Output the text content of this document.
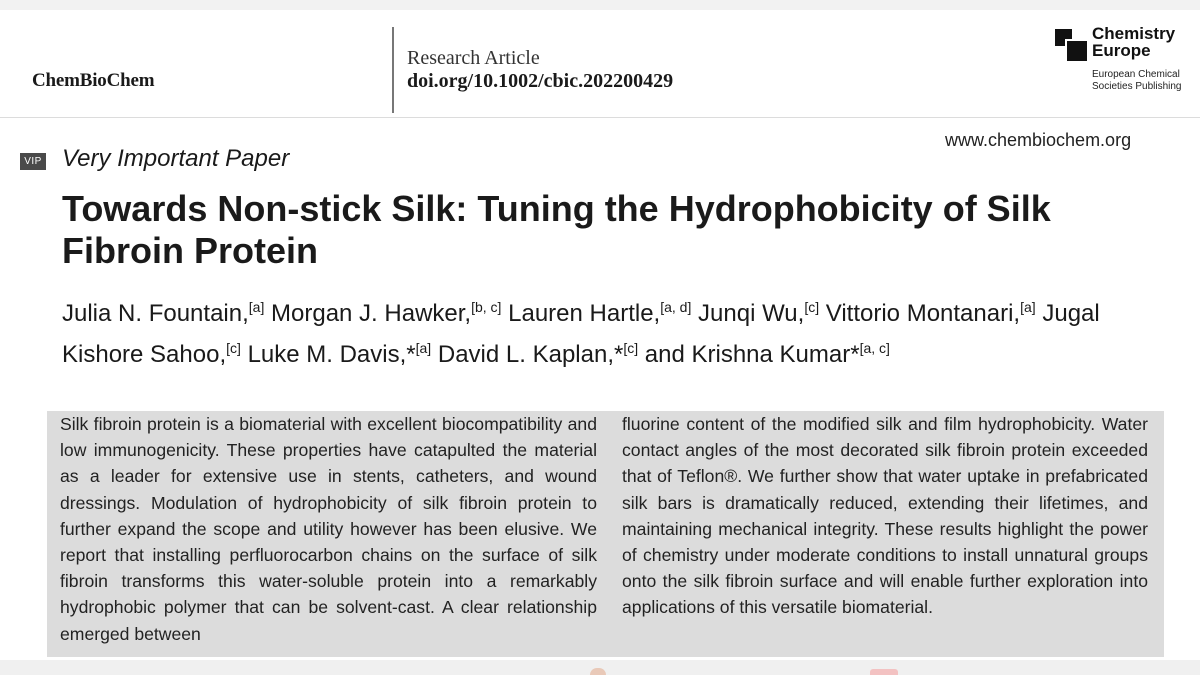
ChemBioChem
Research Article
doi.org/10.1002/cbic.202200429
Chemistry
Europe
European Chemical
Societies Publishing
www.chembiochem.org
VIP Very Important Paper
Towards Non-stick Silk: Tuning the Hydrophobicity of Silk Fibroin Protein

Julia N. Fountain,[a] Morgan J. Hawker,[b, c] Lauren Hartle,[a, d] Junqi Wu,[c] Vittorio Montanari,[a] Jugal Kishore Sahoo,[c] Luke M. Davis,*[a] David L. Kaplan,*[c] and Krishna Kumar*[a, c]

Silk fibroin protein is a biomaterial with excellent biocompatibility and low immunogenicity. These properties have catapulted the material as a leader for extensive use in stents, catheters, and wound dressings. Modulation of hydrophobicity of silk fibroin protein to further expand the scope and utility however has been elusive. We report that installing perfluorocarbon chains on the surface of silk fibroin transforms this water-soluble protein into a remarkably hydrophobic polymer that can be solvent-cast. A clear relationship emerged between

fluorine content of the modified silk and film hydrophobicity. Water contact angles of the most decorated silk fibroin protein exceeded that of Teflon®. We further show that water uptake in prefabricated silk bars is dramatically reduced, extending their lifetimes, and maintaining mechanical integrity. These results highlight the power of chemistry under moderate conditions to install unnatural groups onto the silk fibroin surface and will enable further exploration into applications of this versatile biomaterial.
